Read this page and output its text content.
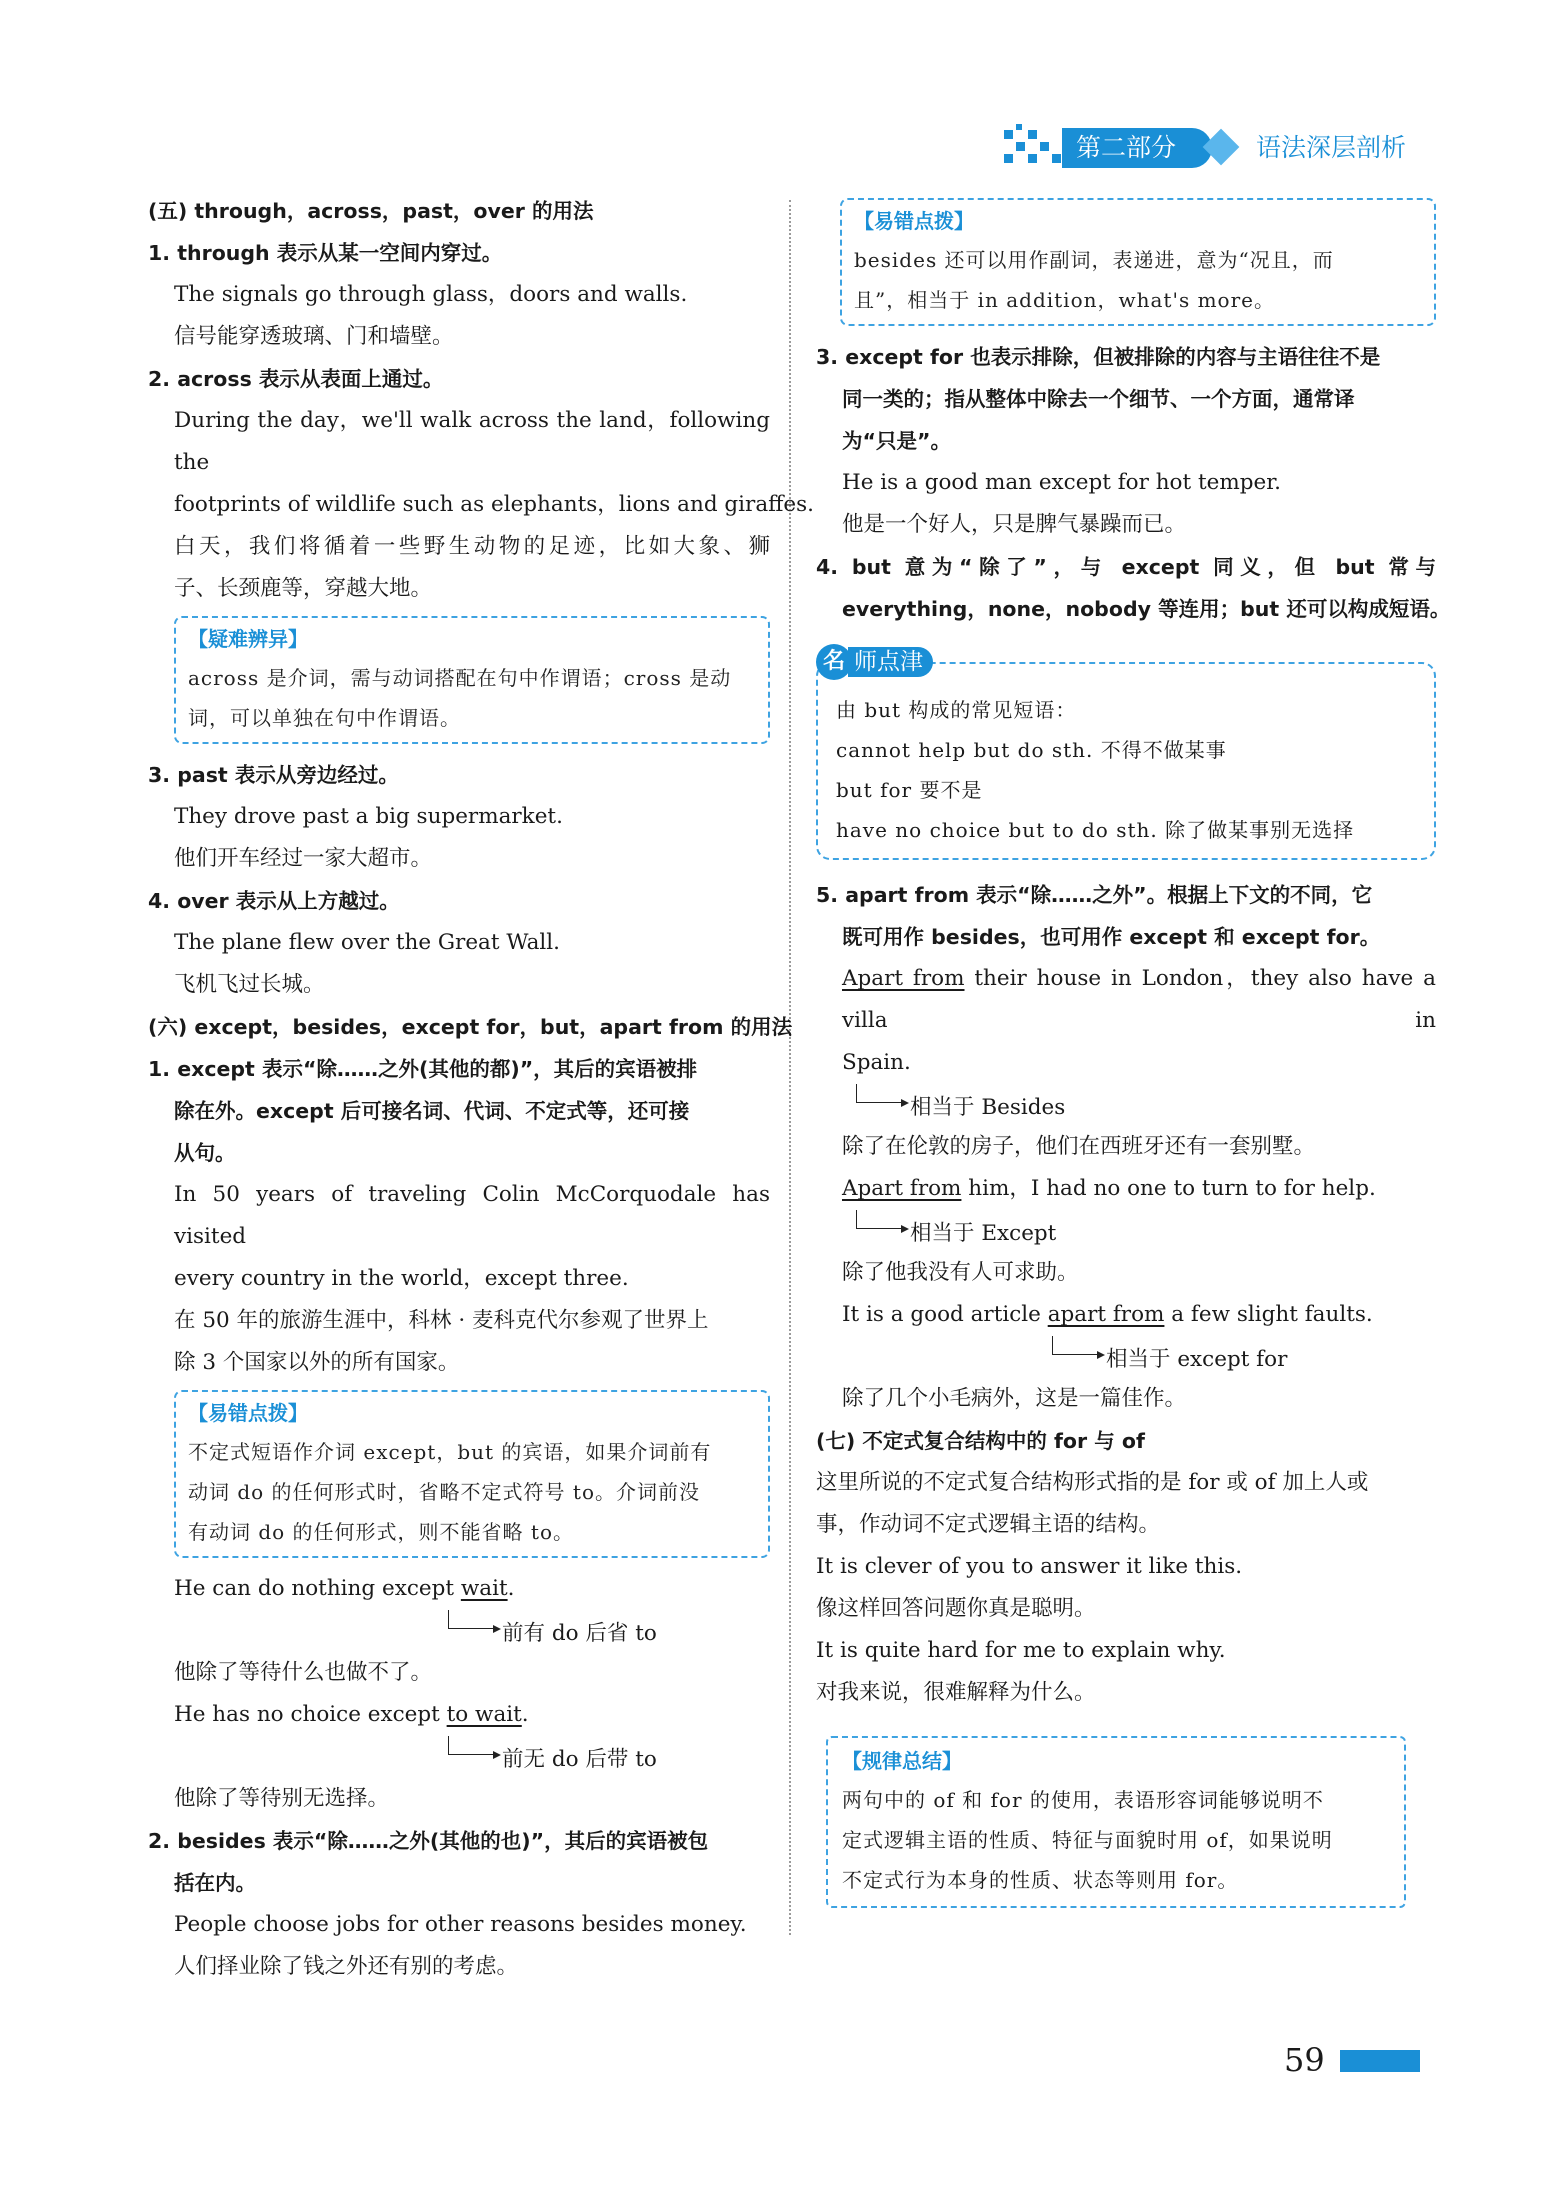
第二部分	语法深层剖析
(五) through，across，past，over 的用法
1. through 表示从某一空间内穿过。
The signals go through glass，doors and walls.
信号能穿透玻璃、门和墙壁。
2. across 表示从表面上通过。
During the day，we'll walk across the land，following the
footprints of wildlife such as elephants，lions and giraffes.
白天，我们将循着一些野生动物的足迹，比如大象、狮
子、长颈鹿等，穿越大地。
【疑难辨异】
across 是介词，需与动词搭配在句中作谓语；cross 是动
词，可以单独在句中作谓语。
3. past 表示从旁边经过。
They drove past a big supermarket.
他们开车经过一家大超市。
4. over 表示从上方越过。
The plane flew over the Great Wall.
飞机飞过长城。
(六) except，besides，except for，but，apart from 的用法
1. except 表示“除……之外(其他的都)”，其后的宾语被排
除在外。except 后可接名词、代词、不定式等，还可接
从句。
In 50 years of traveling Colin McCorquodale has visited
every country in the world，except three.
在 50 年的旅游生涯中，科林 · 麦科克代尔参观了世界上
除 3 个国家以外的所有国家。
【易错点拨】
不定式短语作介词 except，but 的宾语，如果介词前有
动词 do 的任何形式时，省略不定式符号 to。介词前没
有动词 do 的任何形式，则不能省略 to。
He can do nothing except wait.
前有 do 后省 to
他除了等待什么也做不了。
He has no choice except to wait.
前无 do 后带 to
他除了等待别无选择。
2. besides 表示“除……之外(其他的也)”，其后的宾语被包
括在内。
People choose jobs for other reasons besides money.
人们择业除了钱之外还有别的考虑。
【易错点拨】
besides 还可以用作副词，表递进，意为“况且，而
且”，相当于 in addition，what's more。
3. except for 也表示排除，但被排除的内容与主语往往不是
同一类的；指从整体中除去一个细节、一个方面，通常译
为“只是”。
He is a good man except for hot temper.
他是一个好人，只是脾气暴躁而已。
4. but 意为“除了”，与 except 同义，但 but 常与
everything，none，nobody 等连用；but 还可以构成短语。
名 师点津
由 but 构成的常见短语：
cannot help but do sth. 不得不做某事
but for 要不是
have no choice but to do sth. 除了做某事别无选择
5. apart from 表示“除……之外”。根据上下文的不同，它
既可用作 besides，也可用作 except 和 except for。
Apart from their house in London，they also have a villa in
Spain.
相当于 Besides
除了在伦敦的房子，他们在西班牙还有一套别墅。
Apart from him，I had no one to turn to for help.
相当于 Except
除了他我没有人可求助。
It is a good article apart from a few slight faults.
相当于 except for
除了几个小毛病外，这是一篇佳作。
(七) 不定式复合结构中的 for 与 of
这里所说的不定式复合结构形式指的是 for 或 of 加上人或
事，作动词不定式逻辑主语的结构。
It is clever of you to answer it like this.
像这样回答问题你真是聪明。
It is quite hard for me to explain why.
对我来说，很难解释为什么。
【规律总结】
两句中的 of 和 for 的使用，表语形容词能够说明不
定式逻辑主语的性质、特征与面貌时用 of，如果说明
不定式行为本身的性质、状态等则用 for。
59
